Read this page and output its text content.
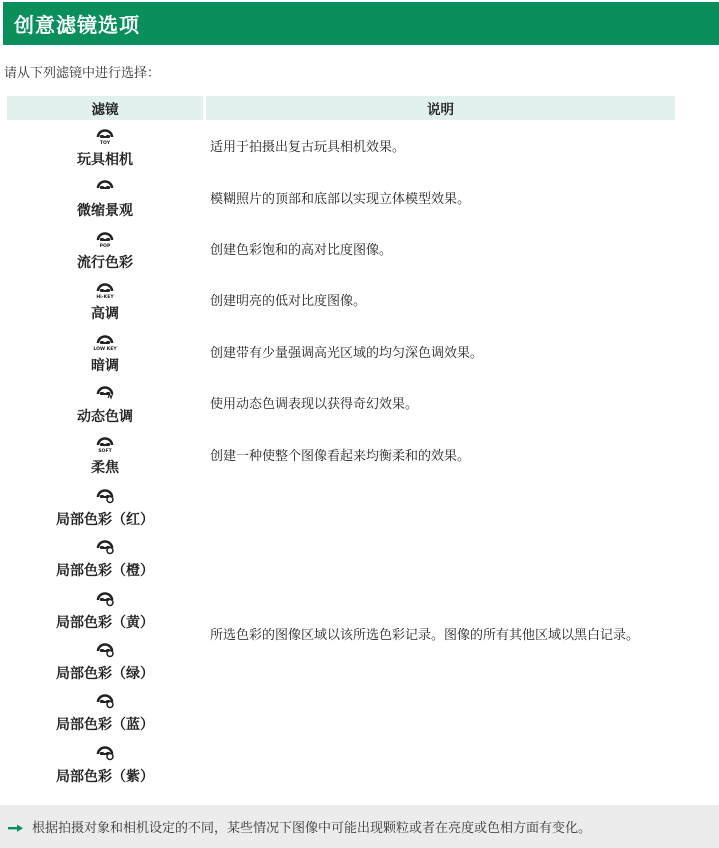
创意滤镜选项
请从下列滤镜中进行选择：
滤镜	说明

TOY
玩具相机	适用于拍摄出复古玩具相机效果。

微缩景观	模糊照片的顶部和底部以实现立体模型效果。

POP
流行色彩	创建色彩饱和的高对比度图像。

Hi-KEY
高调	创建明亮的低对比度图像。

LOW KEY
暗调	创建带有少量强调高光区域的均匀深色调效果。

动态色调	使用动态色调表现以获得奇幻效果。

SOFT
柔焦	创建一种使整个图像看起来均衡柔和的效果。

局部色彩（红）	所选色彩的图像区域以该所选色彩记录。图像的所有其他区域以黑白记录。

局部色彩（橙）	

局部色彩（黄）	

局部色彩（绿）	

局部色彩（蓝）	

局部色彩（紫）	
根据拍摄对象和相机设定的不同，某些情况下图像中可能出现颗粒或者在亮度或色相方面有变化。
